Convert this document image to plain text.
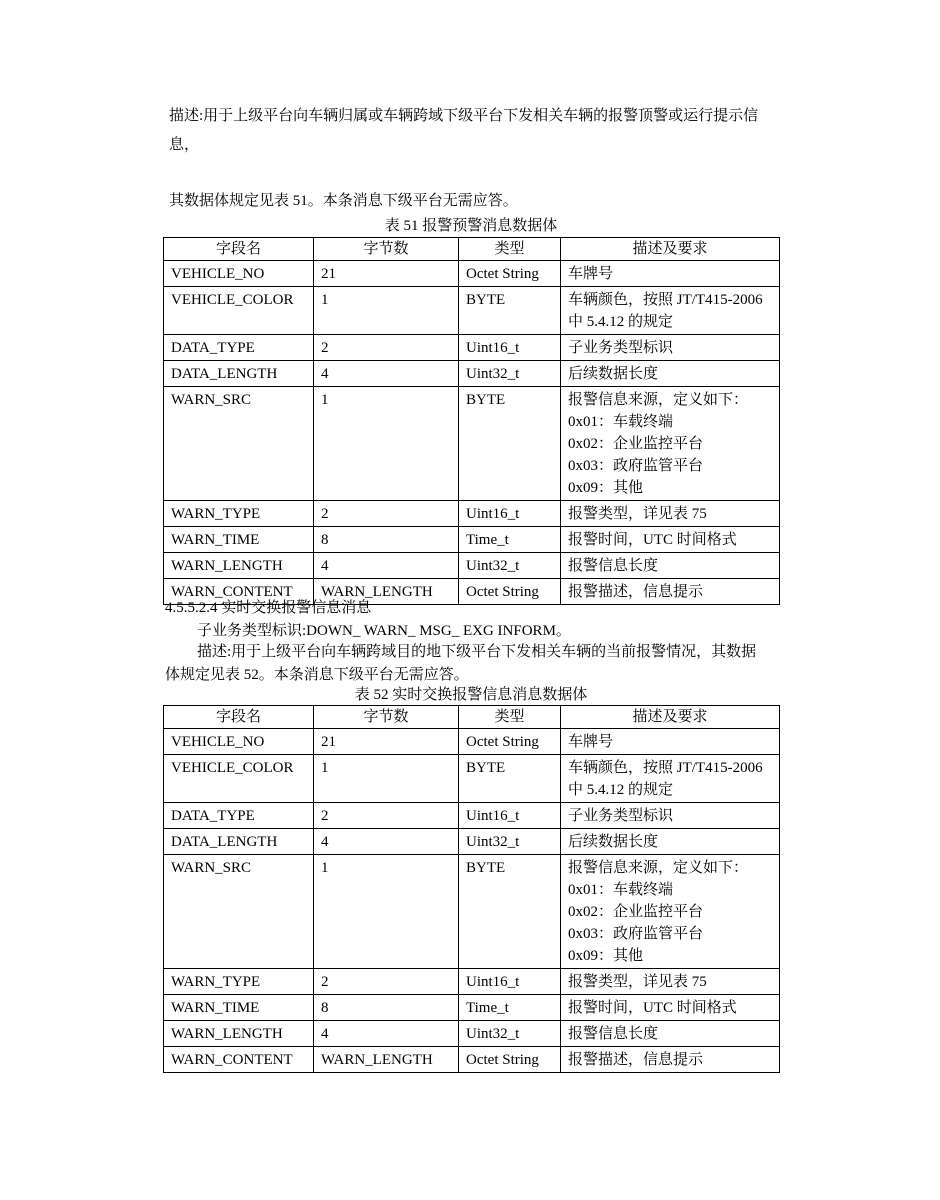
描述:用于上级平台向车辆归属或车辆跨域下级平台下发相关车辆的报警顶警或运行提示信
息，
其数据体规定见表 51。本条消息下级平台无需应答。
表 51 报警预警消息数据体
字段名	字节数	类型	描述及要求
VEHICLE_NO	21	Octet String	车牌号

VEHICLE_COLOR	1	BYTE	车辆颜色，按照 JT/T415-2006
中 5.4.12 的规定

DATA_TYPE	2	Uint16_t	子业务类型标识

DATA_LENGTH	4	Uint32_t	后续数据长度

WARN_SRC	1	BYTE	报警信息来源，定义如下：
0x01：车载终端
0x02：企业监控平台
0x03：政府监管平台
0x09：其他

WARN_TYPE	2	Uint16_t	报警类型，详见表 75

WARN_TIME	8	Time_t	报警时间，UTC 时间格式

WARN_LENGTH	4	Uint32_t	报警信息长度

WARN_CONTENT	WARN_LENGTH	Octet String	报警描述，信息提示
4.5.5.2.4 实时交换报警信息消息
子业务类型标识:DOWN_ WARN_ MSG_ EXG INFORM。
描述:用于上级平台向车辆跨域目的地下级平台下发相关车辆的当前报警情况，其数据
体规定见表 52。本条消息下级平台无需应答。
表 52 实时交换报警信息消息数据体
字段名	字节数	类型	描述及要求
VEHICLE_NO	21	Octet String	车牌号

VEHICLE_COLOR	1	BYTE	车辆颜色，按照 JT/T415-2006
中 5.4.12 的规定

DATA_TYPE	2	Uint16_t	子业务类型标识

DATA_LENGTH	4	Uint32_t	后续数据长度

WARN_SRC	1	BYTE	报警信息来源，定义如下：
0x01：车载终端
0x02：企业监控平台
0x03：政府监管平台
0x09：其他

WARN_TYPE	2	Uint16_t	报警类型，详见表 75

WARN_TIME	8	Time_t	报警时间，UTC 时间格式

WARN_LENGTH	4	Uint32_t	报警信息长度

WARN_CONTENT	WARN_LENGTH	Octet String	报警描述，信息提示
